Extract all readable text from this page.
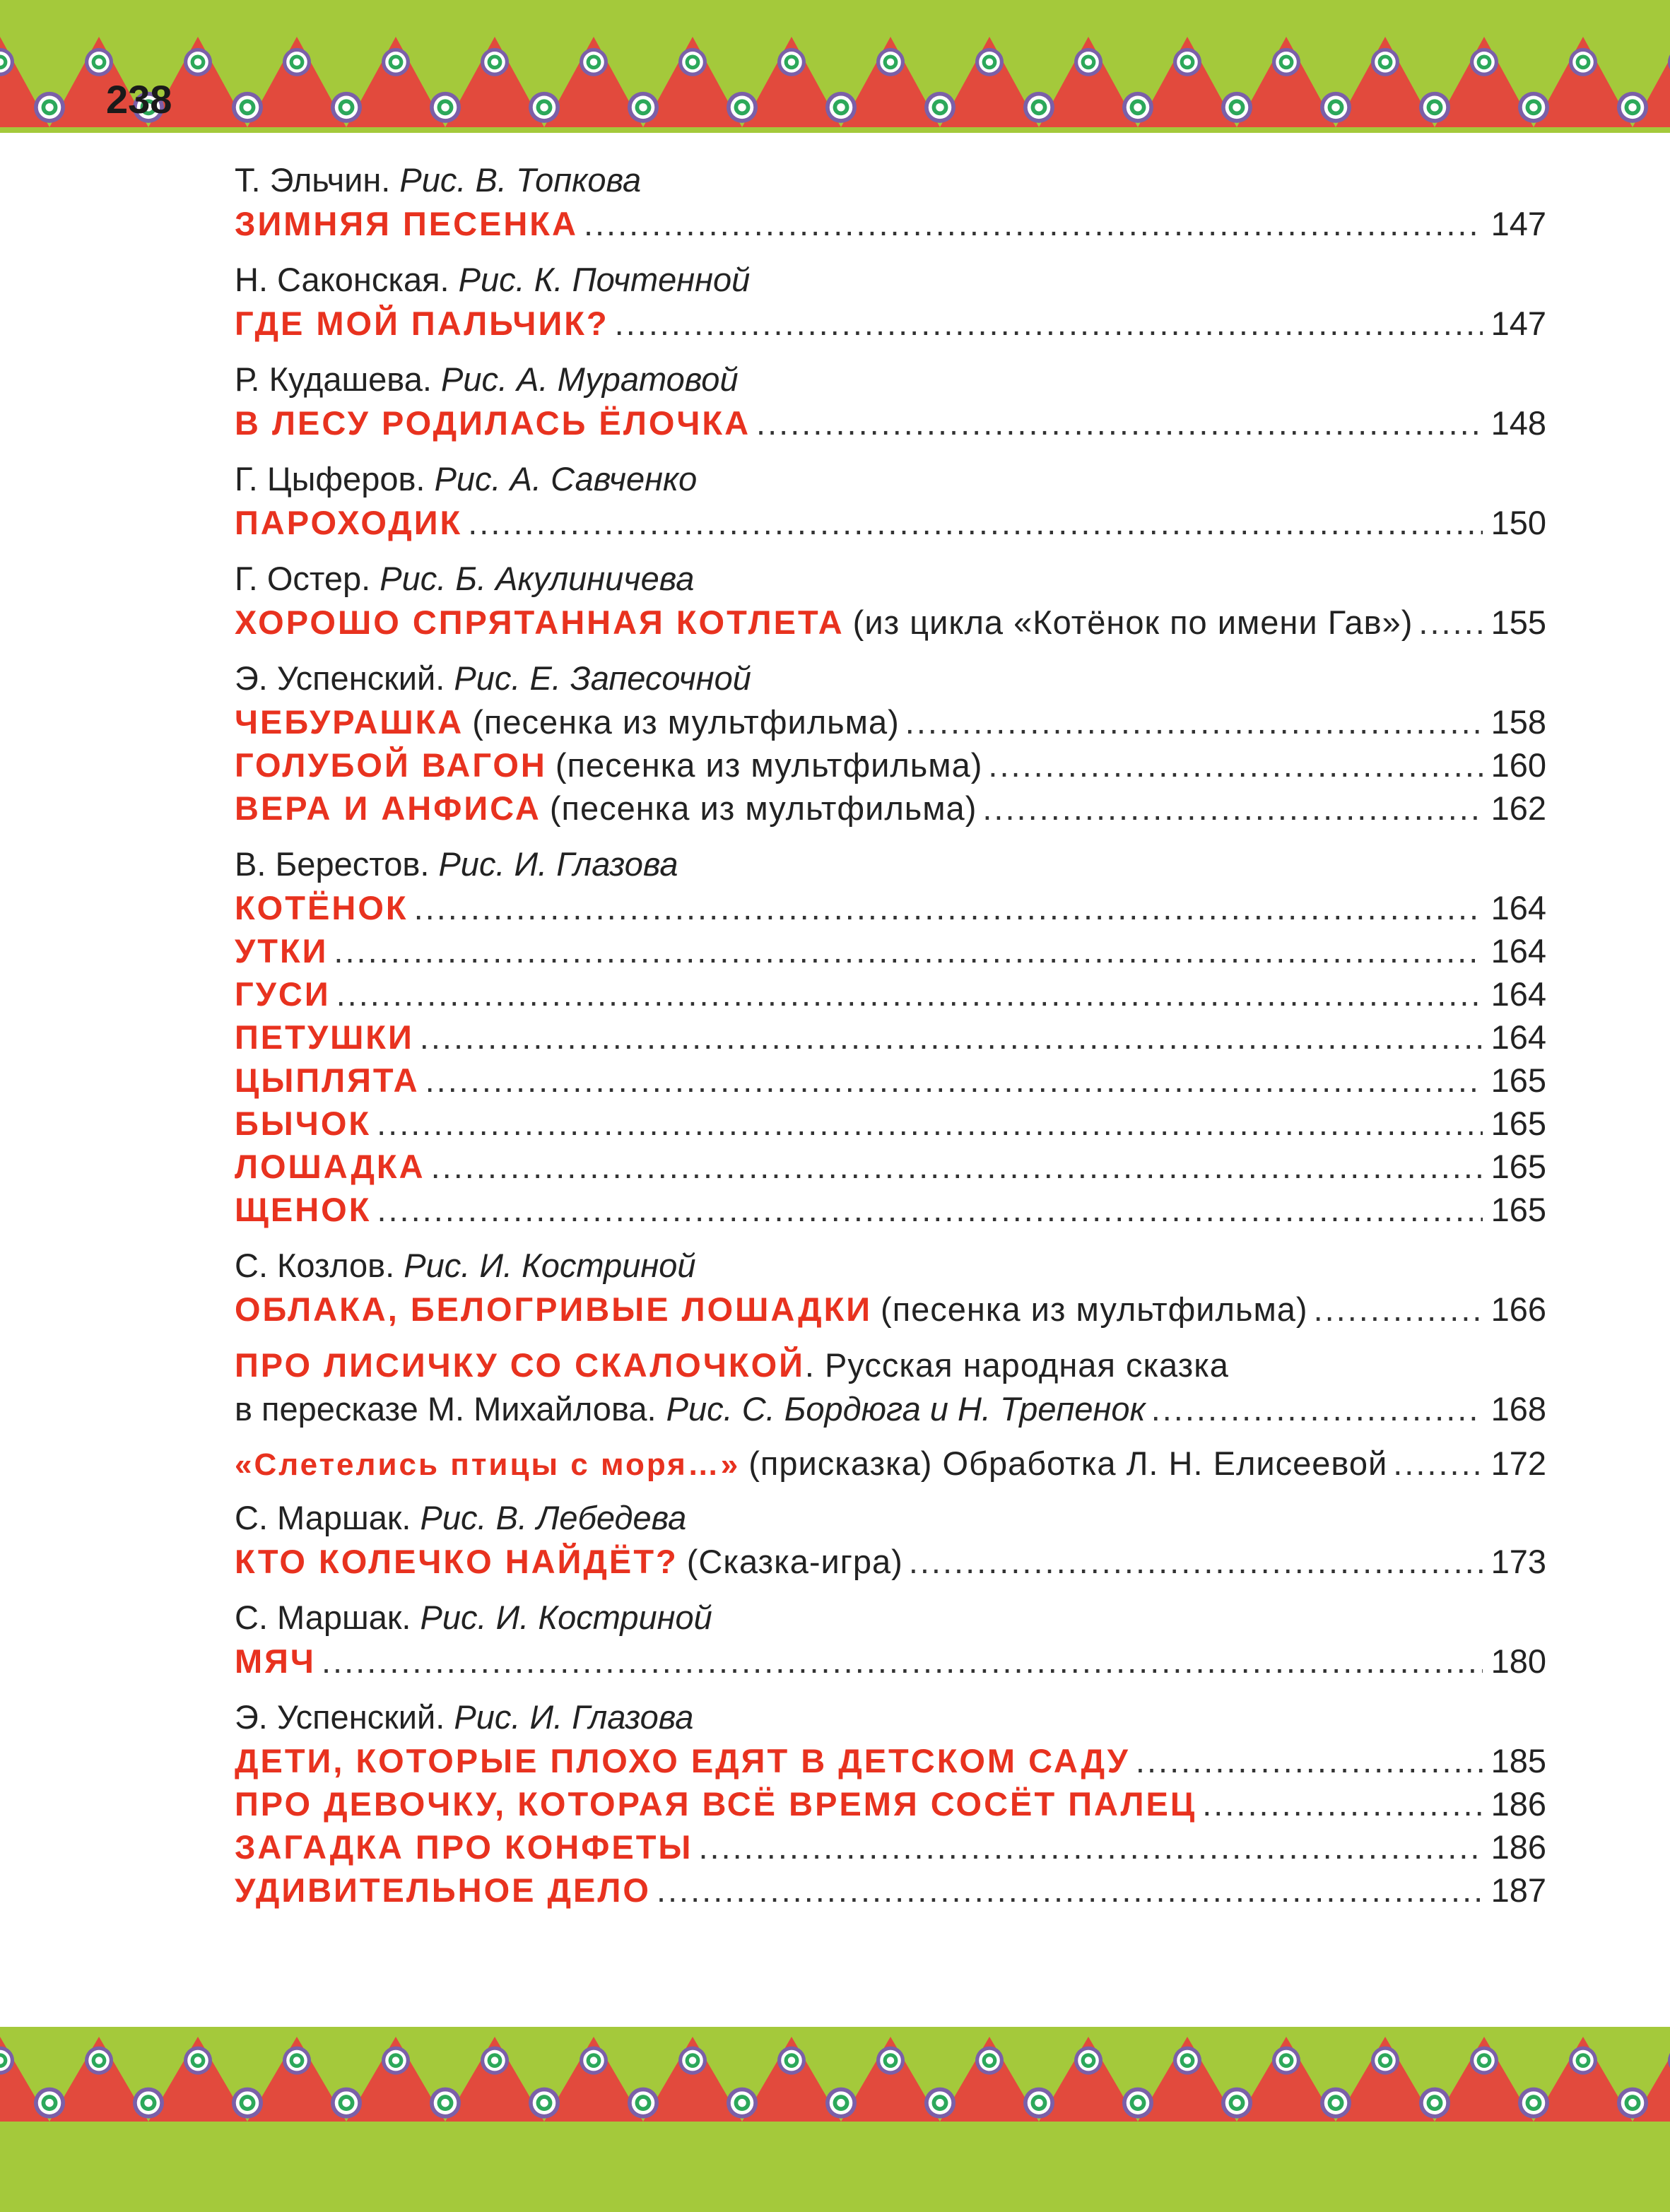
238
Т. Эльчин. Рис. В. Топкова
ЗИМНЯЯ ПЕСЕНКА .....	147
Н. Саконская. Рис. К. Почтенной
ГДЕ МОЙ ПАЛЬЧИК? .....	147
Р. Кудашева. Рис. А. Муратовой
В ЛЕСУ РОДИЛАСЬ ЁЛОЧКА .....	148
Г. Цыферов. Рис. А. Савченко
ПАРОХОДИК .....	150
Г. Остер. Рис. Б. Акулиничева
ХОРОШО СПРЯТАННАЯ КОТЛЕТА (из цикла «Котёнок по имени Гав») ..... 155
Э. Успенский. Рис. Е. Запесочной
ЧЕБУРАШКА (песенка из мультфильма) .....	158
ГОЛУБОЙ ВАГОН (песенка из мультфильма) .....	160
ВЕРА И АНФИСА (песенка из мультфильма) .....	162
В. Берестов. Рис. И. Глазова
КОТЁНОК .....	164
УТКИ .....	164
ГУСИ .....	164
ПЕТУШКИ .....	164
ЦЫПЛЯТА .....	165
БЫЧОК .....	165
ЛОШАДКА .....	165
ЩЕНОК .....	165
С. Козлов. Рис. И. Костриной
ОБЛАКА, БЕЛОГРИВЫЕ ЛОШАДКИ (песенка из мультфильма) .....	166
ПРО ЛИСИЧКУ СО СКАЛОЧКОЙ . Русская народная сказка
в пересказе М. Михайлова. Рис. С. Бордюга и Н. Трепенок .....	168
«Слетелись птицы с моря…» (присказка) Обработка Л. Н. Елисеевой .....	172
С. Маршак. Рис. В. Лебедева
КТО КОЛЕЧКО НАЙДЁТ? (Сказка-игра) .....	173
С. Маршак. Рис. И. Костриной
МЯЧ .....	180
Э. Успенский. Рис. И. Глазова
ДЕТИ, КОТОРЫЕ ПЛОХО ЕДЯТ В ДЕТСКОМ САДУ .....	185
ПРО ДЕВОЧКУ, КОТОРАЯ ВСЁ ВРЕМЯ СОСЁТ ПАЛЕЦ .....	186
ЗАГАДКА ПРО КОНФЕТЫ .....	186
УДИВИТЕЛЬНОЕ ДЕЛО .....	187
